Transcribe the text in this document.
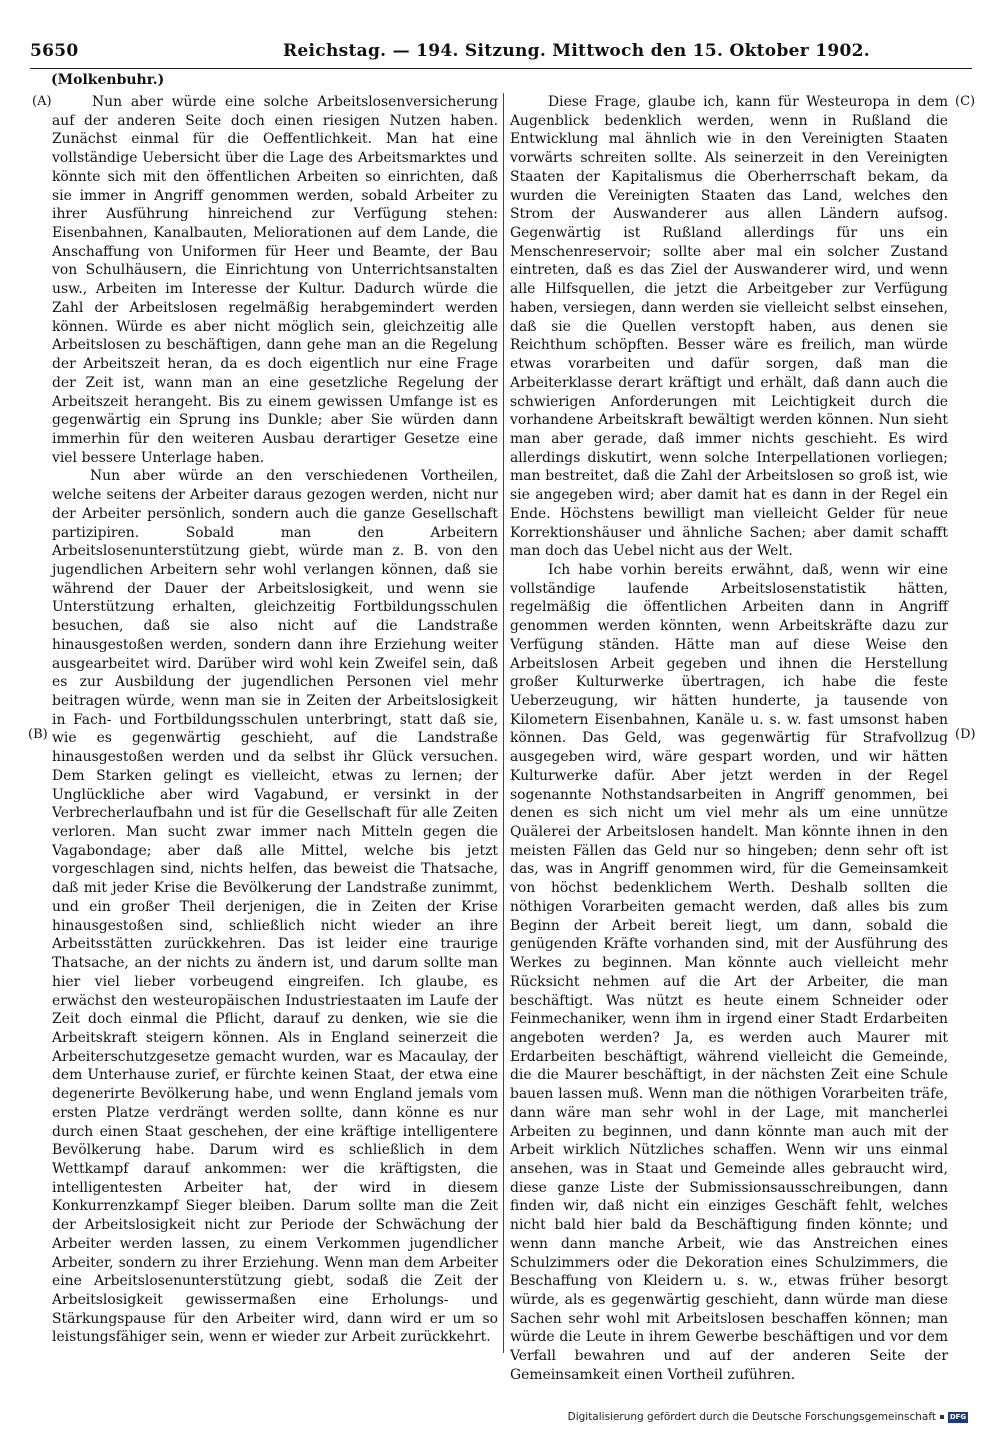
5650	Reichstag. — 194. Sitzung. Mittwoch den 15. Oktober 1902.
(Molkenbuhr.)
(A)
(B)
(C)
(D)

Nun aber würde eine solche Arbeitslosenversicherung auf der anderen Seite doch einen riesigen Nutzen haben. Zunächst einmal für die Oeffentlichkeit. Man hat eine vollständige Uebersicht über die Lage des Arbeitsmarktes und könnte sich mit den öffentlichen Arbeiten so einrichten, daß sie immer in Angriff genommen werden, sobald Arbeiter zu ihrer Ausführung hinreichend zur Verfügung stehen: Eisenbahnen, Kanalbauten, Meliorationen auf dem Lande, die Anschaffung von Uniformen für Heer und Beamte, der Bau von Schulhäusern, die Einrichtung von Unterrichtsanstalten usw., Arbeiten im Interesse der Kultur. Dadurch würde die Zahl der Arbeitslosen regelmäßig herabgemindert werden können. Würde es aber nicht möglich sein, gleichzeitig alle Arbeitslosen zu beschäftigen, dann gehe man an die Regelung der Arbeitszeit heran, da es doch eigentlich nur eine Frage der Zeit ist, wann man an eine gesetzliche Regelung der Arbeitszeit herangeht. Bis zu einem gewissen Umfange ist es gegenwärtig ein Sprung ins Dunkle; aber Sie würden dann immerhin für den weiteren Ausbau derartiger Gesetze eine viel bessere Unterlage haben.

Nun aber würde an den verschiedenen Vortheilen, welche seitens der Arbeiter daraus gezogen werden, nicht nur der Arbeiter persönlich, sondern auch die ganze Gesellschaft partizipiren. Sobald man den Arbeitern Arbeitslosenunterstützung giebt, würde man z. B. von den jugendlichen Arbeitern sehr wohl verlangen können, daß sie während der Dauer der Arbeitslosigkeit, und wenn sie Unterstützung erhalten, gleichzeitig Fortbildungsschulen besuchen, daß sie also nicht auf die Landstraße hinausgestoßen werden, sondern dann ihre Erziehung weiter ausgearbeitet wird. Darüber wird wohl kein Zweifel sein, daß es zur Ausbildung der jugendlichen Personen viel mehr beitragen würde, wenn man sie in Zeiten der Arbeitslosigkeit in Fach- und Fortbildungsschulen unterbringt, statt daß sie, wie es gegenwärtig geschieht, auf die Landstraße hinausgestoßen werden und da selbst ihr Glück versuchen. Dem Starken gelingt es vielleicht, etwas zu lernen; der Unglückliche aber wird Vagabund, er versinkt in der Verbrecherlaufbahn und ist für die Gesellschaft für alle Zeiten verloren. Man sucht zwar immer nach Mitteln gegen die Vagabondage; aber daß alle Mittel, welche bis jetzt vorgeschlagen sind, nichts helfen, das beweist die Thatsache, daß mit jeder Krise die Bevölkerung der Landstraße zunimmt, und ein großer Theil derjenigen, die in Zeiten der Krise hinausgestoßen sind, schließlich nicht wieder an ihre Arbeitsstätten zurückkehren. Das ist leider eine traurige Thatsache, an der nichts zu ändern ist, und darum sollte man hier viel lieber vorbeugend eingreifen. Ich glaube, es erwächst den westeuropäischen Industriestaaten im Laufe der Zeit doch einmal die Pflicht, darauf zu denken, wie sie die Arbeitskraft steigern können. Als in England seinerzeit die Arbeiterschutzgesetze gemacht wurden, war es Macaulay, der dem Unterhause zurief, er fürchte keinen Staat, der etwa eine degenerirte Bevölkerung habe, und wenn England jemals vom ersten Platze verdrängt werden sollte, dann könne es nur durch einen Staat geschehen, der eine kräftige intelligentere Bevölkerung habe. Darum wird es schließlich in dem Wettkampf darauf ankommen: wer die kräftigsten, die intelligentesten Arbeiter hat, der wird in diesem Konkurrenzkampf Sieger bleiben. Darum sollte man die Zeit der Arbeitslosigkeit nicht zur Periode der Schwächung der Arbeiter werden lassen, zu einem Verkommen jugendlicher Arbeiter, sondern zu ihrer Erziehung. Wenn man dem Arbeiter eine Arbeitslosenunterstützung giebt, sodaß die Zeit der Arbeitslosigkeit gewissermaßen eine Erholungs- und Stärkungspause für den Arbeiter wird, dann wird er um so leistungsfähiger sein, wenn er wieder zur Arbeit zurückkehrt.

Diese Frage, glaube ich, kann für Westeuropa in dem Augenblick bedenklich werden, wenn in Rußland die Entwicklung mal ähnlich wie in den Vereinigten Staaten vorwärts schreiten sollte. Als seinerzeit in den Vereinigten Staaten der Kapitalismus die Oberherrschaft bekam, da wurden die Vereinigten Staaten das Land, welches den Strom der Auswanderer aus allen Ländern aufsog. Gegenwärtig ist Rußland allerdings für uns ein Menschenreservoir; sollte aber mal ein solcher Zustand eintreten, daß es das Ziel der Auswanderer wird, und wenn alle Hilfsquellen, die jetzt die Arbeitgeber zur Verfügung haben, versiegen, dann werden sie vielleicht selbst einsehen, daß sie die Quellen verstopft haben, aus denen sie Reichthum schöpften. Besser wäre es freilich, man würde etwas vorarbeiten und dafür sorgen, daß man die Arbeiterklasse derart kräftigt und erhält, daß dann auch die schwierigen Anforderungen mit Leichtigkeit durch die vorhandene Arbeitskraft bewältigt werden können. Nun sieht man aber gerade, daß immer nichts geschieht. Es wird allerdings diskutirt, wenn solche Interpellationen vorliegen; man bestreitet, daß die Zahl der Arbeitslosen so groß ist, wie sie angegeben wird; aber damit hat es dann in der Regel ein Ende. Höchstens bewilligt man vielleicht Gelder für neue Korrektionshäuser und ähnliche Sachen; aber damit schafft man doch das Uebel nicht aus der Welt.

Ich habe vorhin bereits erwähnt, daß, wenn wir eine vollständige laufende Arbeitslosenstatistik hätten, regelmäßig die öffentlichen Arbeiten dann in Angriff genommen werden könnten, wenn Arbeitskräfte dazu zur Verfügung ständen. Hätte man auf diese Weise den Arbeitslosen Arbeit gegeben und ihnen die Herstellung großer Kulturwerke übertragen, ich habe die feste Ueberzeugung, wir hätten hunderte, ja tausende von Kilometern Eisenbahnen, Kanäle u. s. w. fast umsonst haben können. Das Geld, was gegenwärtig für Strafvollzug ausgegeben wird, wäre gespart worden, und wir hätten Kulturwerke dafür. Aber jetzt werden in der Regel sogenannte Nothstandsarbeiten in Angriff genommen, bei denen es sich nicht um viel mehr als um eine unnütze Quälerei der Arbeitslosen handelt. Man könnte ihnen in den meisten Fällen das Geld nur so hingeben; denn sehr oft ist das, was in Angriff genommen wird, für die Gemeinsamkeit von höchst bedenklichem Werth. Deshalb sollten die nöthigen Vorarbeiten gemacht werden, daß alles bis zum Beginn der Arbeit bereit liegt, um dann, sobald die genügenden Kräfte vorhanden sind, mit der Ausführung des Werkes zu beginnen. Man könnte auch vielleicht mehr Rücksicht nehmen auf die Art der Arbeiter, die man beschäftigt. Was nützt es heute einem Schneider oder Feinmechaniker, wenn ihm in irgend einer Stadt Erdarbeiten angeboten werden? Ja, es werden auch Maurer mit Erdarbeiten beschäftigt, während vielleicht die Gemeinde, die die Maurer beschäftigt, in der nächsten Zeit eine Schule bauen lassen muß. Wenn man die nöthigen Vorarbeiten träfe, dann wäre man sehr wohl in der Lage, mit mancherlei Arbeiten zu beginnen, und dann könnte man auch mit der Arbeit wirklich Nützliches schaffen. Wenn wir uns einmal ansehen, was in Staat und Gemeinde alles gebraucht wird, diese ganze Liste der Submissionsausschreibungen, dann finden wir, daß nicht ein einziges Geschäft fehlt, welches nicht bald hier bald da Beschäftigung finden könnte; und wenn dann manche Arbeit, wie das Anstreichen eines Schulzimmers oder die Dekoration eines Schulzimmers, die Beschaffung von Kleidern u. s. w., etwas früher besorgt würde, als es gegenwärtig geschieht, dann würde man diese Sachen sehr wohl mit Arbeitslosen beschaffen können; man würde die Leute in ihrem Gewerbe beschäftigen und vor dem Verfall bewahren und auf der anderen Seite der Gemeinsamkeit einen Vortheil zuführen.

Digitalisierung gefördert durch die Deutsche Forschungsgemeinschaft DFG
